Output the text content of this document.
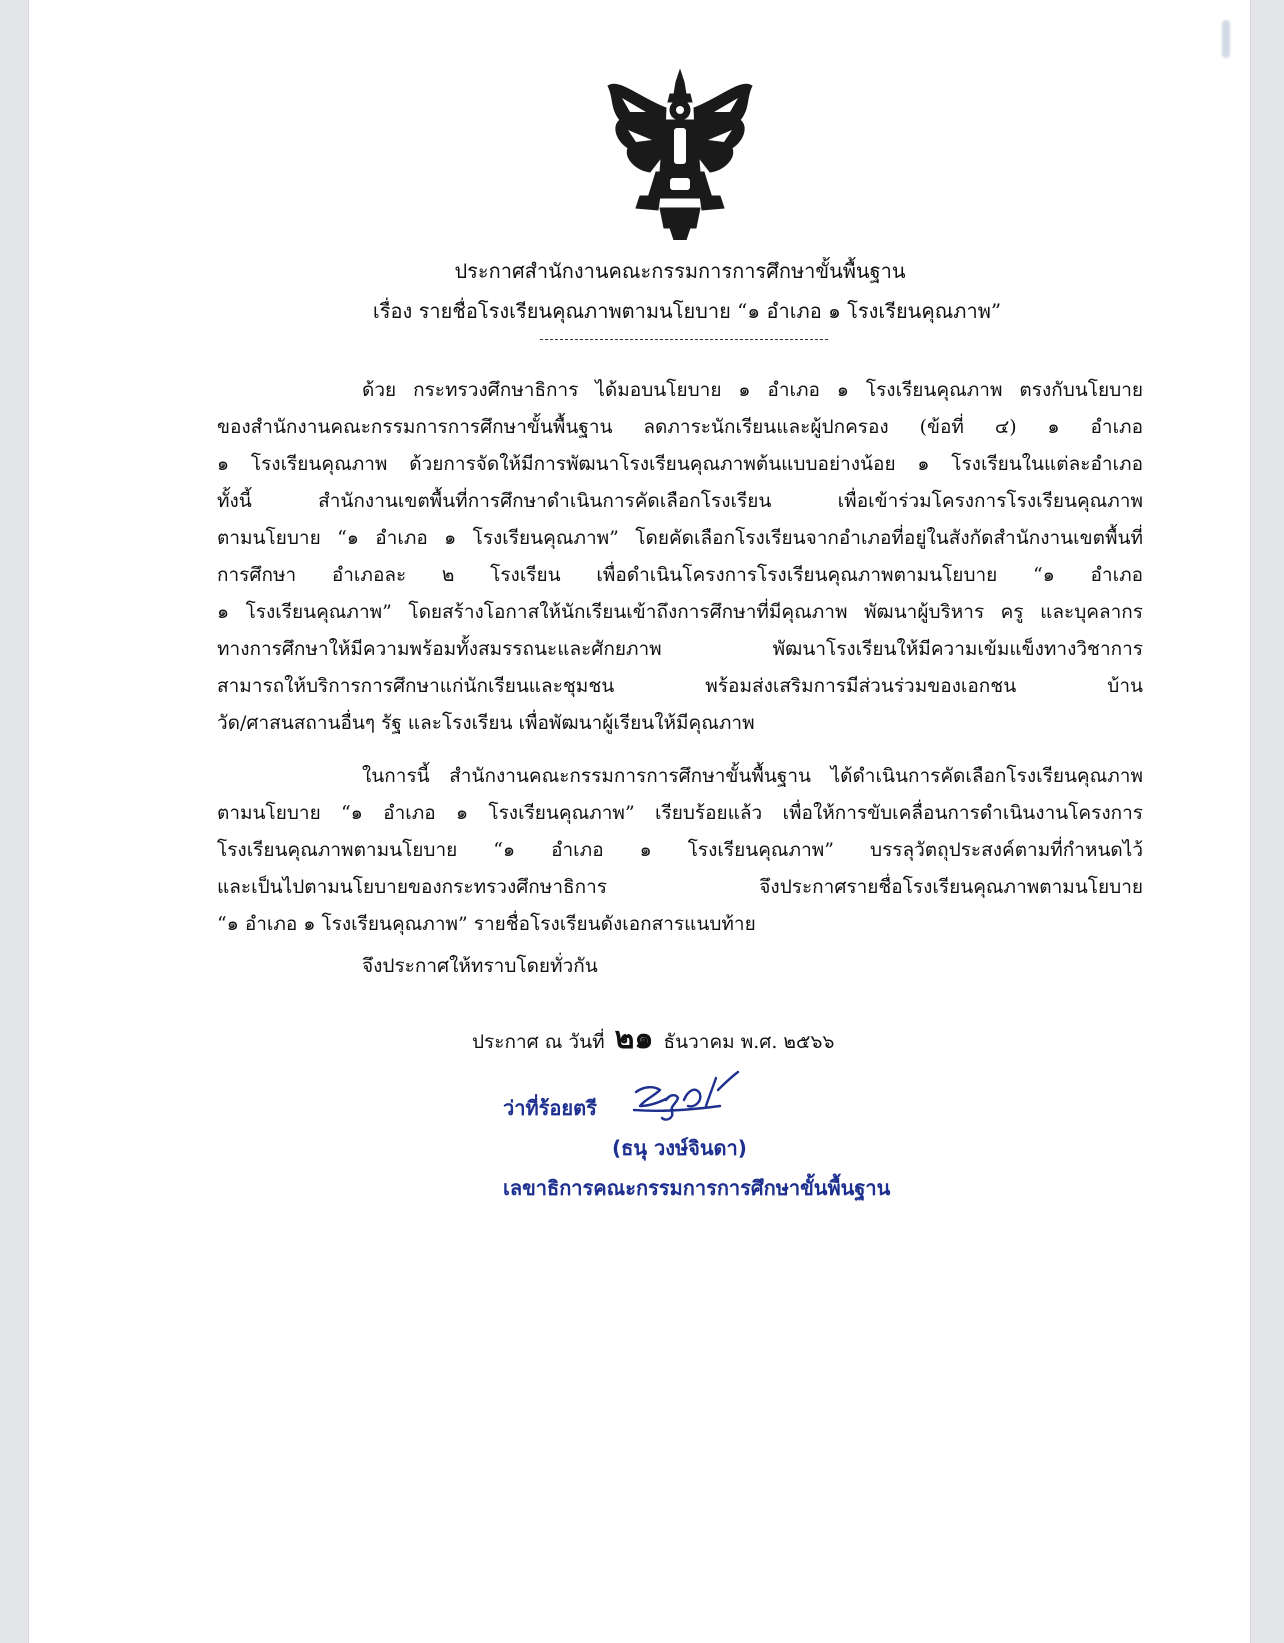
ประกาศสำนักงานคณะกรรมการการศึกษาขั้นพื้นฐาน
เรื่อง รายชื่อโรงเรียนคุณภาพตามนโยบาย “๑ อำเภอ ๑ โรงเรียนคุณภาพ”
ด้วย กระทรวงศึกษาธิการ ได้มอบนโยบาย ๑ อำเภอ ๑ โรงเรียนคุณภาพ ตรงกับนโยบาย
ของสำนักงานคณะกรรมการการศึกษาขั้นพื้นฐาน ลดภาระนักเรียนและผู้ปกครอง (ข้อที่ ๔) ๑ อำเภอ
๑ โรงเรียนคุณภาพ ด้วยการจัดให้มีการพัฒนาโรงเรียนคุณภาพต้นแบบอย่างน้อย ๑ โรงเรียนในแต่ละอำเภอ
ทั้งนี้ สำนักงานเขตพื้นที่การศึกษาดำเนินการคัดเลือกโรงเรียน เพื่อเข้าร่วมโครงการโรงเรียนคุณภาพ
ตามนโยบาย “๑ อำเภอ ๑ โรงเรียนคุณภาพ” โดยคัดเลือกโรงเรียนจากอำเภอที่อยู่ในสังกัดสำนักงานเขตพื้นที่
การศึกษา อำเภอละ ๒ โรงเรียน เพื่อดำเนินโครงการโรงเรียนคุณภาพตามนโยบาย “๑ อำเภอ
๑ โรงเรียนคุณภาพ” โดยสร้างโอกาสให้นักเรียนเข้าถึงการศึกษาที่มีคุณภาพ พัฒนาผู้บริหาร ครู และบุคลากร
ทางการศึกษาให้มีความพร้อมทั้งสมรรถนะและศักยภาพ พัฒนาโรงเรียนให้มีความเข้มแข็งทางวิชาการ
สามารถให้บริการการศึกษาแก่นักเรียนและชุมชน พร้อมส่งเสริมการมีส่วนร่วมของเอกชน บ้าน
วัด/ศาสนสถานอื่นๆ รัฐ และโรงเรียน เพื่อพัฒนาผู้เรียนให้มีคุณภาพ
ในการนี้ สำนักงานคณะกรรมการการศึกษาขั้นพื้นฐาน ได้ดำเนินการคัดเลือกโรงเรียนคุณภาพ
ตามนโยบาย “๑ อำเภอ ๑ โรงเรียนคุณภาพ” เรียบร้อยแล้ว เพื่อให้การขับเคลื่อนการดำเนินงานโครงการ
โรงเรียนคุณภาพตามนโยบาย “๑ อำเภอ ๑ โรงเรียนคุณภาพ” บรรลุวัตถุประสงค์ตามที่กำหนดไว้
และเป็นไปตามนโยบายของกระทรวงศึกษาธิการ จึงประกาศรายชื่อโรงเรียนคุณภาพตามนโยบาย
“๑ อำเภอ ๑ โรงเรียนคุณภาพ” รายชื่อโรงเรียนดังเอกสารแนบท้าย
จึงประกาศให้ทราบโดยทั่วกัน
ประกาศ ณ วันที่ ๒๑ ธันวาคม พ.ศ. ๒๕๖๖
ว่าที่ร้อยตรี
(ธนุ วงษ์จินดา)
เลขาธิการคณะกรรมการการศึกษาขั้นพื้นฐาน
